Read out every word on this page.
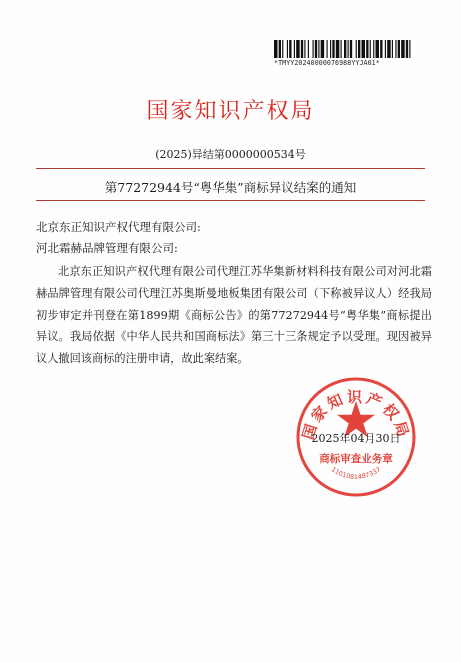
*TMYY20240000076988YYJA01*
国家知识产权局
(2025)异结第0000000534号
第77272944号“粤华集”商标异议结案的通知
北京东正知识产权代理有限公司:
河北霜赫品牌管理有限公司:
北京东正知识产权代理有限公司代理江苏华集新材料科技有限公司对河北霜赫品牌管理有限公司代理江苏奥斯曼地板集团有限公司（下称被异议人）经我局初步审定并刊登在第1899期《商标公告》的第77272944号“粤华集”商标提出异议。我局依据《中华人民共和国商标法》第三十三条规定予以受理。现因被异议人撤回该商标的注册申请，故此案结案。
国家知识产权局
商标审查业务章
1101081487337
2025年04月30日
